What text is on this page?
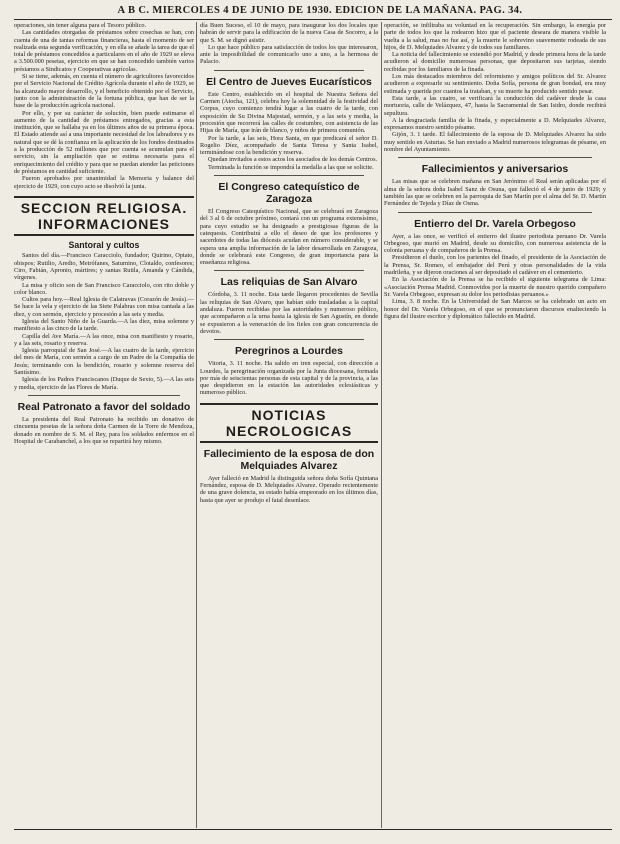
A B C. MIERCOLES 4 DE JUNIO DE 1930. EDICION DE LA MAÑANA. PAG. 34.

operaciones, sin tener alguna para el Tesoro público.

Las cantidades otorgadas de préstamos sobre cosechas se han, con cuenta de una de tantas reformas financieras, hasta el momento de ser realizada esta segunda verificación, y en ella se añade la tarea de que el total de préstamos concedidos a particulares en el año de 1929 se eleva a 3.500.000 pesetas, ejercicio en que se han concedido también varios préstamos a Sindicatos y Cooperativas agrícolas.

Si se tiene, además, en cuenta el número de agricultores favorecidos por el Servicio Nacional de Crédito Agrícola durante el año de 1929, se ha alcanzado mayor desarrollo, y el beneficio obtenido por el Servicio, junto con la administración de la fortuna pública, que han de ser la base de la producción agrícola nacional.

Por ello, y por su carácter de solución, bien puede estimarse el aumento de la cantidad de préstamos entregados, gracias a esta institución, que se hallaba ya en los últimos años de su primera época. El Estado atiende así a una importante necesidad de los labradores y es natural que se dé la confianza en la aplicación de los fondos destinados a la producción de 52 millones que por cuenta se acumulan para el servicio, sin la ampliación que se estima necesaria para el enriquecimiento del crédito y para que se puedan atender las peticiones de préstamos en cantidad suficiente.

Fueron aprobados por unanimidad la Memoria y balance del ejercicio de 1929, con cuyo acto se disolvió la junta.

SECCION RELIGIOSA.
INFORMACIONES
Santoral y cultos

Santos del día.—Francisco Caracciolo, fundador; Quirino, Optato, obispos; Rutilio, Aredio, Metrófanes, Saturnino, Clotaldo, confesores; Ciro, Fabián, Apronio, mártires; y santas Rutila, Amanda y Cándida, vírgenes.

La misa y oficio son de San Francisco Caracciolo, con rito doble y color blanco.

Cultos para hoy.—Real Iglesia de Calatravas (Corazón de Jesús).—Se hace la vela y ejercicio de las Siete Palabras con misa cantada a las diez, y con sermón, ejercicio y procesión a las seis y media.

Iglesia del Santo Niño de la Guarda.—A las diez, misa solemne y manifiesto a las cinco de la tarde.

Capilla del Ave María.—A las once, misa con manifiesto y rosario, y a las seis, rosario y reserva.

Iglesia parroquial de San José.—A las cuatro de la tarde, ejercicio del mes de María, con sermón a cargo de un Padre de la Compañía de Jesús; terminando con la bendición, rosario y solemne reserva del Santísimo.

Iglesia de los Padres Franciscanos (Duque de Sexto, 5).—A las seis y media, ejercicio de las Flores de María.

Real Patronato a favor del soldado

La presidenta del Real Patronato ha recibido un donativo de cincuenta pesetas de la señora doña Carmen de la Torre de Mendoza, donado en nombre de S. M. el Rey, para los soldados enfermos en el Hospital de Carabanchel, a los que se repartirá hoy mismo.

día Buen Suceso, el 10 de mayo, para inaugurar los dos locales que habrán de servir para la edificación de la nueva Casa de Socorro, a la que S. M. se dignó asistir.

Lo que hace público para satisfacción de todos los que interesaron, ante la imposibilidad de comunicarlo uno a uno, a la hermosa de Palacio.

El Centro de Jueves Eucarísticos

Este Centro, establecido en el hospital de Nuestra Señora del Carmen (Atocha, 121), celebra hoy la solemnidad de la festividad del Corpus, cuyo comienzo tendrá lugar a las cuatro de la tarde, con exposición de Su Divina Majestad, sermón, y a las seis y media, la procesión que recorrerá las calles de costumbre, con asistencia de las Hijas de María, que irán de blanco, y niños de primera comunión.

Por la tarde, a las seis, Hora Santa, en que predicará el señor D. Rogelio Díez, acompañado de Santa Teresa y Santa Isabel, terminándose con la bendición y reserva.

Quedan invitados a estos actos los asociados de los demás Centros.

Terminada la función se impondrá la medalla a las que se solicite.

El Congreso catequístico de Zaragoza

El Congreso Catequístico Nacional, que se celebrará en Zaragoza del 3 al 6 de octubre próximo, contará con un programa extensísimo, para cuyo estudio se ha designado a prestigiosas figuras de la catequesis. Contribuirá a ello el deseo de que los profesores y sacerdotes de todas las diócesis acudan en número considerable, y se espera una amplia información de la labor desarrollada en Zaragoza, donde se celebrará este Congreso, de gran importancia para la enseñanza religiosa.

Las reliquias de San Alvaro

Córdoba, 3. 11 noche. Esta tarde llegaron procedentes de Sevilla las reliquias de San Alvaro, que habían sido trasladadas a la capital andaluza. Fueron recibidas por las autoridades y numeroso público, que acompañaron a la urna hasta la iglesia de San Agustín, en donde se expusieron a la veneración de los fieles con gran concurrencia de devotos.

Peregrinos a Lourdes

Vitoria, 3. 11 noche. Ha salido en tren especial, con dirección a Lourdes, la peregrinación organizada por la Junta diocesana, formada por más de seiscientas personas de esta capital y de la provincia, a las que despidieron en la estación las autoridades eclesiásticas y numeroso público.

NOTICIAS
NECROLOGICAS
Fallecimiento de la esposa de don Melquiades Alvarez

Ayer falleció en Madrid la distinguida señora doña Sofía Quintana Fernández, esposa de D. Melquiades Alvarez. Operado recientemente de una grave dolencia, su estado había empeorado en los últimos días, hasta que ayer se produjo el fatal desenlace.

operación, se infiltraba su voluntad en la recuperación. Sin embargo, la energía por parte de todos los que la rodearon hizo que el paciente deseara de manera visible la vuelta a la salud, mas no fue así, y la muerte le sobrevino suavemente rodeada de sus hijos, de D. Melquiades Alvarez y de todos sus familiares.

La noticia del fallecimiento se extendió por Madrid, y desde primera hora de la tarde acudieron al domicilio numerosas personas, que depositaron sus tarjetas, siendo recibidas por los familiares de la finada.

Los más destacados miembros del reformismo y amigos políticos del Sr. Alvarez acudieron a expresarle su sentimiento. Doña Sofía, persona de gran bondad, era muy estimada y querida por cuantos la trataban, y su muerte ha producido sentido pesar.

Esta tarde, a las cuatro, se verificará la conducción del cadáver desde la casa mortuoria, calle de Velázquez, 47, hasta la Sacramental de San Isidro, donde recibirá sepultura.

A la desgraciada familia de la finada, y especialmente a D. Melquiades Alvarez, expresamos nuestro sentido pésame.

Gijón, 3. 1 tarde. El fallecimiento de la esposa de D. Melquiades Alvarez ha sido muy sentido en Asturias. Se han enviado a Madrid numerosos telegramas de pésame, en nombre del Ayuntamiento.

Fallecimientos y aniversarios

Las misas que se celebren mañana en San Jerónimo el Real serán aplicadas por el alma de la señora doña Isabel Sanz de Osuna, que falleció el 4 de junio de 1929; y también las que se celebren en la parroquia de San Martín por el alma del Sr. D. Martín Fernández de Tejeda y Díaz de Osma.

Entierro del Dr. Varela Orbegoso

Ayer, a las once, se verificó el entierro del ilustre periodista peruano Dr. Varela Orbegoso, que murió en Madrid, desde su domicilio, con numerosa asistencia de la colonia peruana y de compañeros de la Prensa.

Presidieron el duelo, con los parientes del finado, el presidente de la Asociación de la Prensa, Sr. Romeo, el embajador del Perú y otras personalidades de la vida madrileña, y se dijeron oraciones al ser depositado el cadáver en el cementerio.

En la Asociación de la Prensa se ha recibido el siguiente telegrama de Lima: «Asociación Prensa Madrid. Conmovidos por la muerte de nuestro querido compañero Sr. Varela Orbegoso, expresan su dolor los periodistas peruanos.»

Lima, 3. 8 noche. En la Universidad de San Marcos se ha celebrado un acto en honor del Dr. Varela Orbegoso, en el que se pronunciaron discursos enalteciendo la figura del ilustre escritor y diplomático fallecido en Madrid.
